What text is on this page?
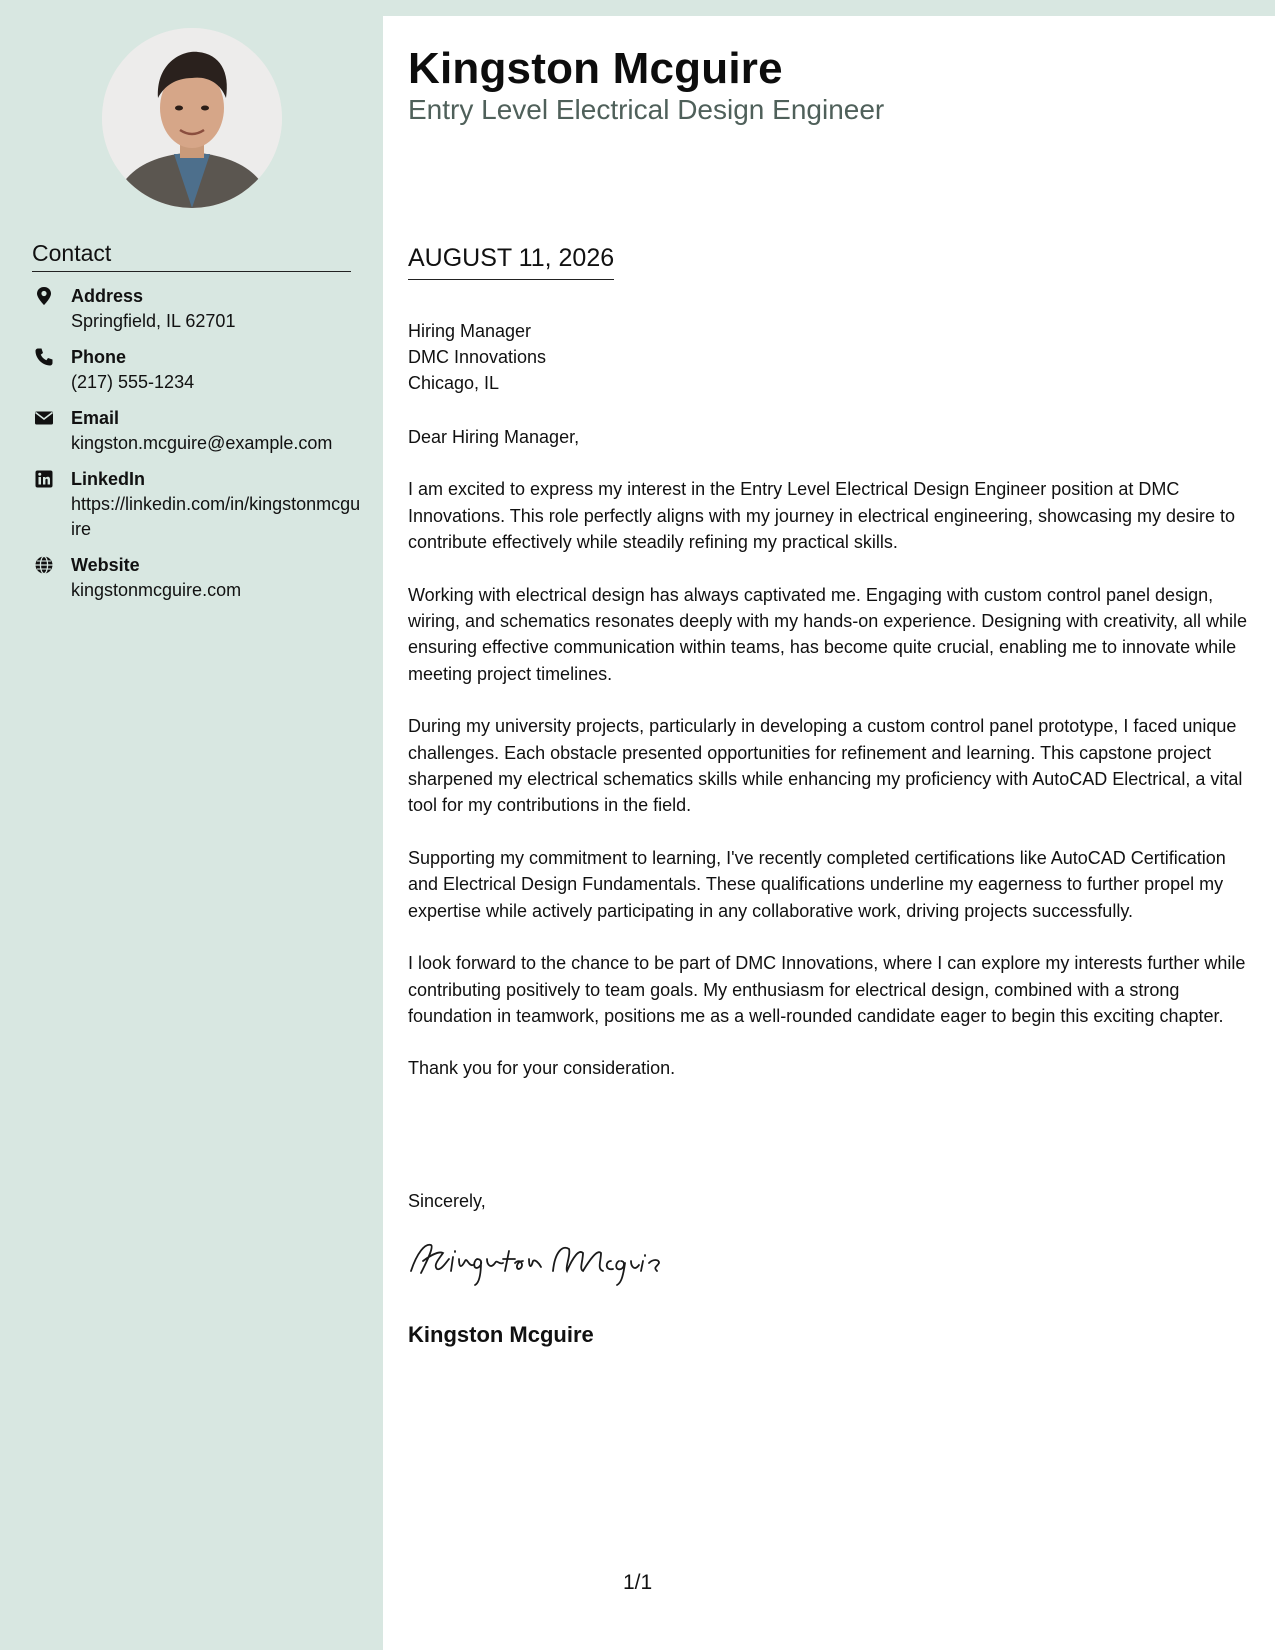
Contact
Address
Springfield, IL 62701
Phone
(217) 555-1234
Email
kingston.mcguire@example.com
LinkedIn
https://linkedin.com/in/kingstonmcguire
Website
kingstonmcguire.com
Kingston Mcguire
Entry Level Electrical Design Engineer
AUGUST 11, 2026
Hiring Manager
DMC Innovations
Chicago, IL

Dear Hiring Manager,

I am excited to express my interest in the Entry Level Electrical Design Engineer position at DMC Innovations. This role perfectly aligns with my journey in electrical engineering, showcasing my desire to contribute effectively while steadily refining my practical skills.

Working with electrical design has always captivated me. Engaging with custom control panel design, wiring, and schematics resonates deeply with my hands-on experience. Designing with creativity, all while ensuring effective communication within teams, has become quite crucial, enabling me to innovate while meeting project timelines.

During my university projects, particularly in developing a custom control panel prototype, I faced unique challenges. Each obstacle presented opportunities for refinement and learning. This capstone project sharpened my electrical schematics skills while enhancing my proficiency with AutoCAD Electrical, a vital tool for my contributions in the field.

Supporting my commitment to learning, I've recently completed certifications like AutoCAD Certification and Electrical Design Fundamentals. These qualifications underline my eagerness to further propel my expertise while actively participating in any collaborative work, driving projects successfully.

I look forward to the chance to be part of DMC Innovations, where I can explore my interests further while contributing positively to team goals. My enthusiasm for electrical design, combined with a strong foundation in teamwork, positions me as a well-rounded candidate eager to begin this exciting chapter.

Thank you for your consideration.

Sincerely,
Kingston Mcguire
1/1
